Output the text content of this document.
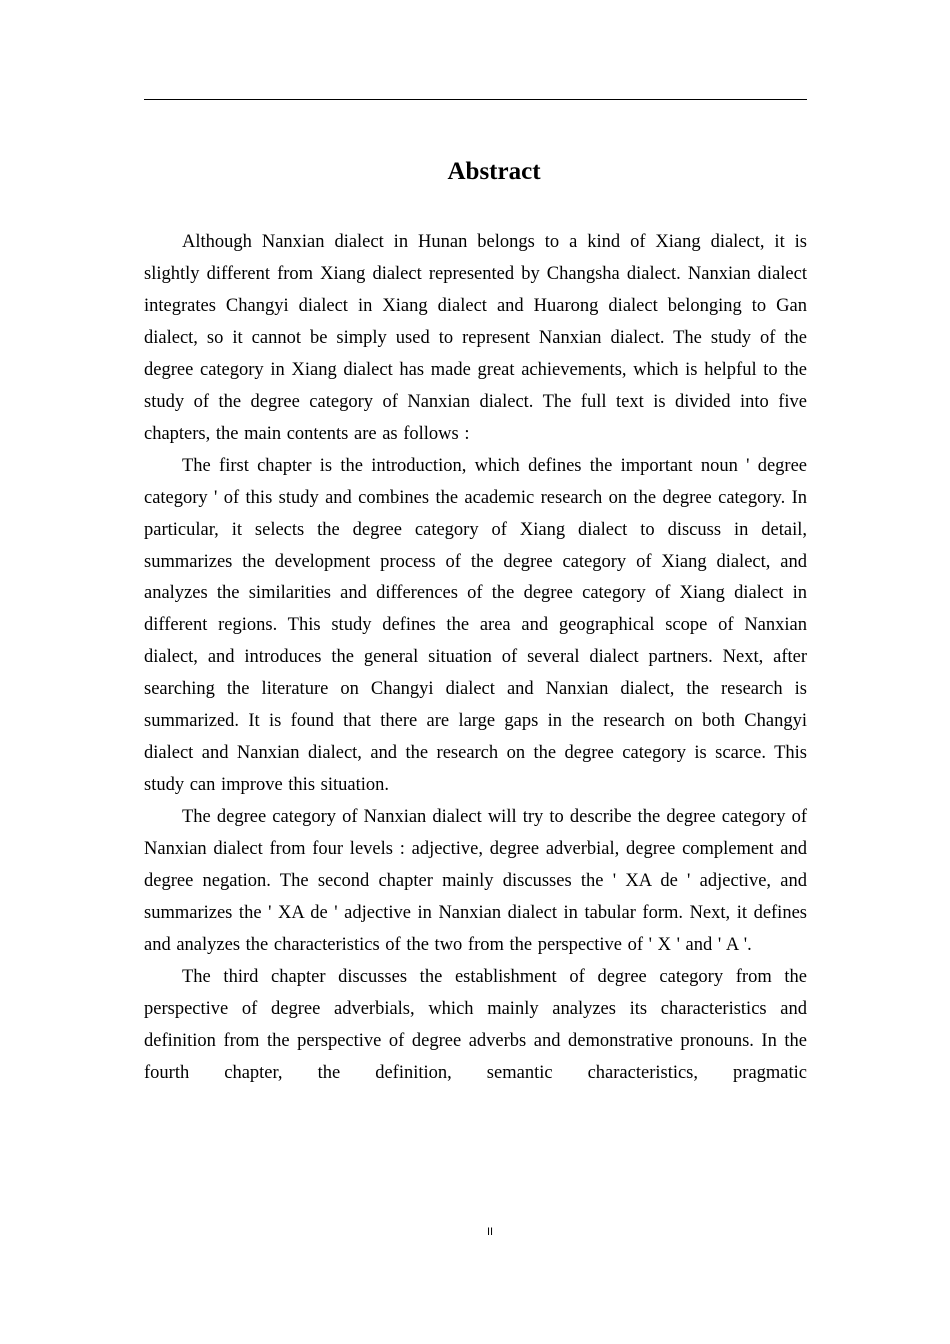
Abstract

Although Nanxian dialect in Hunan belongs to a kind of Xiang dialect, it is slightly different from Xiang dialect represented by Changsha dialect. Nanxian dialect integrates Changyi dialect in Xiang dialect and Huarong dialect belonging to Gan dialect, so it cannot be simply used to represent Nanxian dialect. The study of the degree category in Xiang dialect has made great achievements, which is helpful to the study of the degree category of Nanxian dialect. The full text is divided into five chapters, the main contents are as follows :

The first chapter is the introduction, which defines the important noun ' degree category ' of this study and combines the academic research on the degree category. In particular, it selects the degree category of Xiang dialect to discuss in detail, summarizes the development process of the degree category of Xiang dialect, and analyzes the similarities and differences of the degree category of Xiang dialect in different regions. This study defines the area and geographical scope of Nanxian dialect, and introduces the general situation of several dialect partners. Next, after searching the literature on Changyi dialect and Nanxian dialect, the research is summarized. It is found that there are large gaps in the research on both Changyi dialect and Nanxian dialect, and the research on the degree category is scarce. This study can improve this situation.

The degree category of Nanxian dialect will try to describe the degree category of Nanxian dialect from four levels : adjective, degree adverbial, degree complement and degree negation. The second chapter mainly discusses the ' XA de ' adjective, and summarizes the ' XA de ' adjective in Nanxian dialect in tabular form. Next, it defines and analyzes the characteristics of the two from the perspective of ' X ' and ' A '.

The third chapter discusses the establishment of degree category from the perspective of degree adverbials, which mainly analyzes its characteristics and definition from the perspective of degree adverbs and demonstrative pronouns. In the fourth chapter, the definition, semantic characteristics, pragmatic

II
